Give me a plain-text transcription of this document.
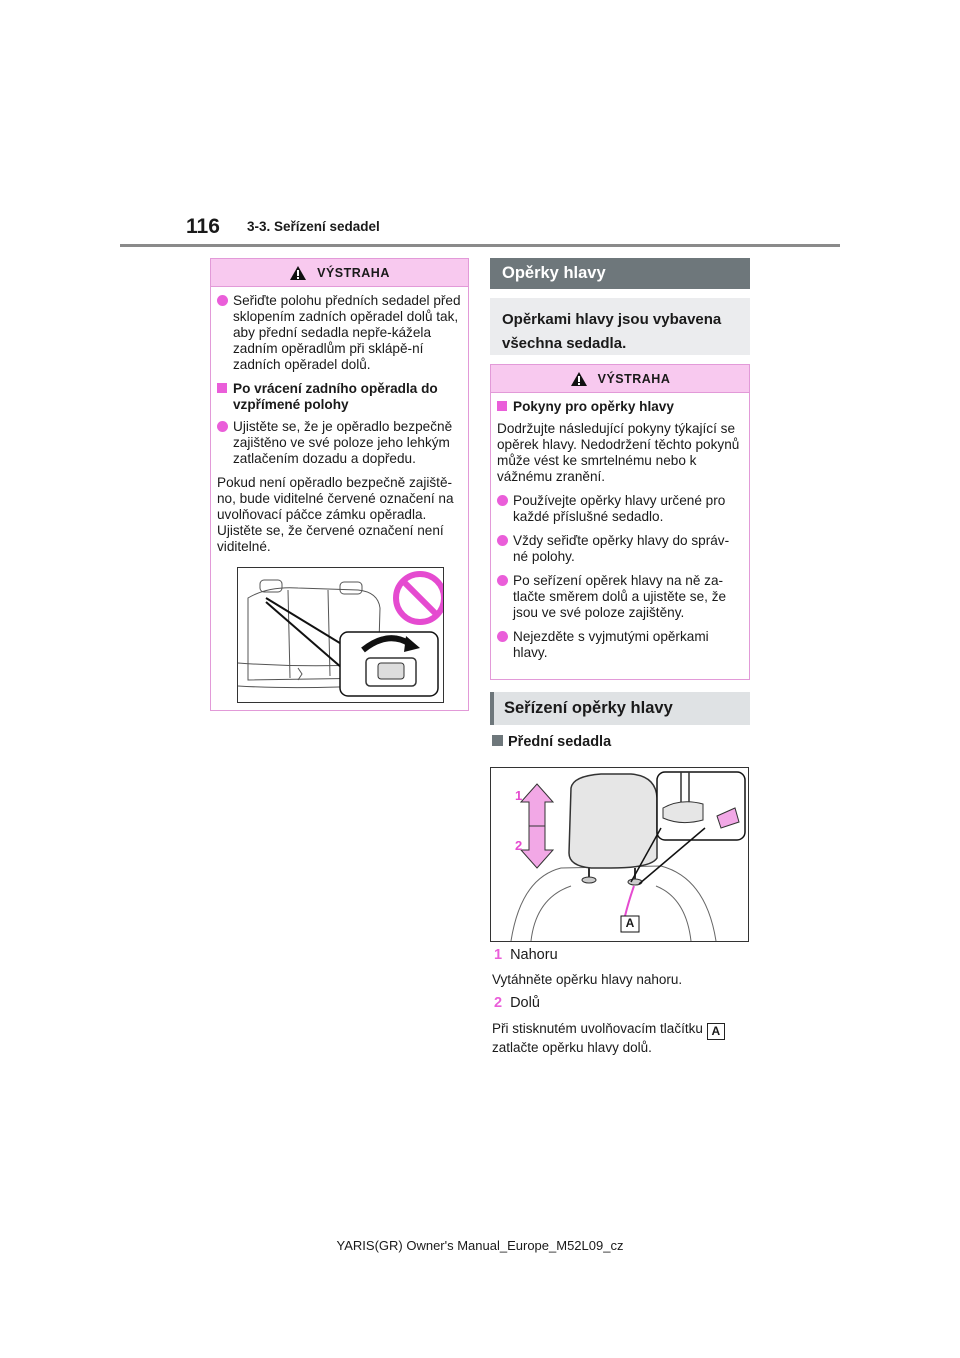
116 3-3. Seřízení sedadel
VÝSTRAHA

Seřiďte polohu předních sedadel před sklopením zadních opěradel dolů tak, aby přední sedadla nepře-kážela zadním opěradlům při sklápě-ní zadních opěradel dolů.

Po vrácení zadního opěradla do vzpřímené polohy

Ujistěte se, že je opěradlo bezpečně zajištěno ve své poloze jeho lehkým zatlačením dozadu a dopředu.

Pokud není opěradlo bezpečně zajiště-no, bude viditelné červené označení na uvolňovací páčce zámku opěradla. Ujistěte se, že červené označení není viditelné.

Opěrky hlavy
Opěrkami hlavy jsou vybavena všechna sedadla.
VÝSTRAHA

Pokyny pro opěrky hlavy

Dodržujte následující pokyny týkající se opěrek hlavy. Nedodržení těchto pokynů může vést ke smrtelnému nebo k vážnému zranění.

Používejte opěrky hlavy určené pro každé příslušné sedadlo.

Vždy seřiďte opěrky hlavy do správ-né polohy.

Po seřízení opěrek hlavy na ně za-tlačte směrem dolů a ujistěte se, že jsou ve své poloze zajištěny.

Nejezděte s vyjmutými opěrkami hlavy.

Seřízení opěrky hlavy
Přední sedadla
1
2
A
1 Nahoru
Vytáhněte opěrku hlavy nahoru.
2 Dolů
Při stisknutém uvolňovacím tlačítku A
zatlačte opěrku hlavy dolů.
YARIS(GR) Owner's Manual_Europe_M52L09_cz
